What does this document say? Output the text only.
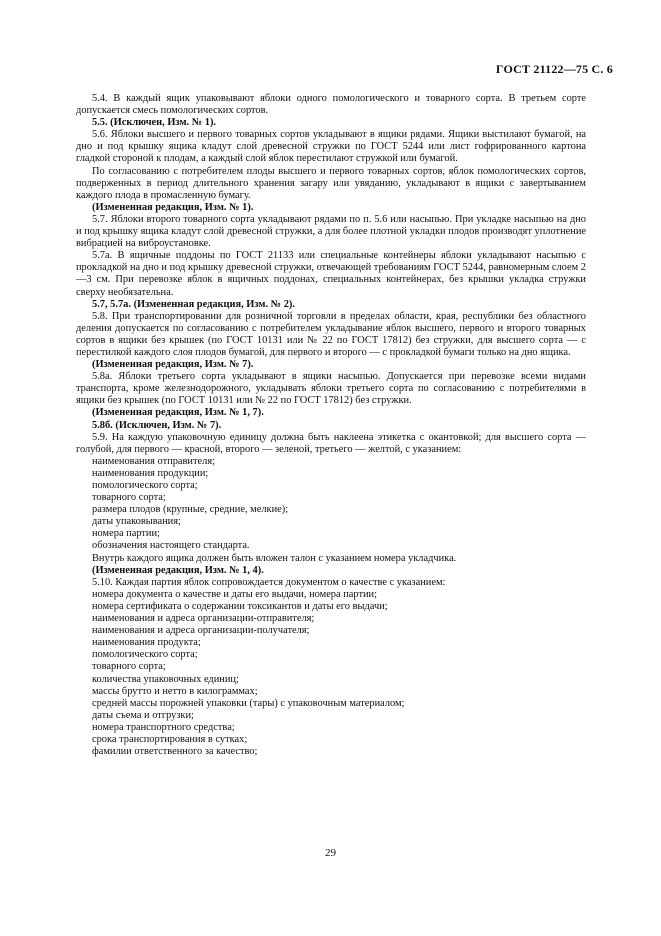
ГОСТ 21122—75 С. 6

5.4. В каждый ящик упаковывают яблоки одного помологического и товарного сорта. В третьем сорте допускается смесь помологических сортов.

5.5. (Исключен, Изм. № 1).

5.6. Яблоки высшего и первого товарных сортов укладывают в ящики рядами. Ящики выстилают бумагой, на дно и под крышку ящика кладут слой древесной стружки по ГОСТ 5244 или лист гофрированного картона гладкой стороной к плодам, а каждый слой яблок перестилают стружкой или бумагой.

По согласованию с потребителем плоды высшего и первого товарных сортов, яблок помологических сортов, подверженных в период длительного хранения загару или увяданию, укладывают в ящики с завертыванием каждого плода в промасленную бумагу.

(Измененная редакция, Изм. № 1).

5.7. Яблоки второго товарного сорта укладывают рядами по п. 5.6 или насыпью. При укладке насыпью на дно и под крышку ящика кладут слой древесной стружки, а для более плотной укладки плодов производят уплотнение вибрацией на виброустановке.

5.7а. В ящичные поддоны по ГОСТ 21133 или специальные контейнеры яблоки укладывают насыпью с прокладкой на дно и под крышку древесной стружки, отвечающей требованиям ГОСТ 5244, равномерным слоем 2—3 см. При перевозке яблок в ящичных поддонах, специальных контейнерах, без крышки укладка стружки сверху необязательна.

5.7, 5.7а. (Измененная редакция, Изм. № 2).

5.8. При транспортировании для розничной торговли в пределах области, края, республики без областного деления допускается по согласованию с потребителем укладывание яблок высшего, первого и второго товарных сортов в ящики без крышек (по ГОСТ 10131 или № 22 по ГОСТ 17812) без стружки, для высшего сорта — с перестилкой каждого слоя плодов бумагой, для первого и второго — с прокладкой бумаги только на дно ящика.

(Измененная редакция, Изм. № 7).

5.8а. Яблоки третьего сорта укладывают в ящики насыпью. Допускается при перевозке всеми видами транспорта, кроме железнодорожного, укладывать яблоки третьего сорта по согласованию с потребителями в ящики без крышек (по ГОСТ 10131 или № 22 по ГОСТ 17812) без стружки.

(Измененная редакция, Изм. № 1, 7).

5.8б. (Исключен, Изм. № 7).

5.9. На каждую упаковочную единицу должна быть наклеена этикетка с окантовкой; для высшего сорта — голубой, для первого — красной, второго — зеленой, третьего — желтой, с указанием:

наименования отправителя;
наименования продукции;
помологического сорта;
товарного сорта;
размера плодов (крупные, средние, мелкие);
даты упаковывания;
номера партии;
обозначения настоящего стандарта.

Внутрь каждого ящика должен быть вложен талон с указанием номера укладчика.

(Измененная редакция, Изм. № 1, 4).

5.10. Каждая партия яблок сопровождается документом о качестве с указанием:

номера документа о качестве и даты его выдачи, номера партии;
номера сертификата о содержании токсикантов и даты его выдачи;
наименования и адреса организации-отправителя;
наименования и адреса организации-получателя;
наименования продукта;
помологического сорта;
товарного сорта;
количества упаковочных единиц;
массы брутто и нетто в килограммах;
средней массы порожней упаковки (тары) с упаковочным материалом;
даты съема и отгрузки;
номера транспортного средства;
срока транспортирования в сутках;
фамилии ответственного за качество;
29
